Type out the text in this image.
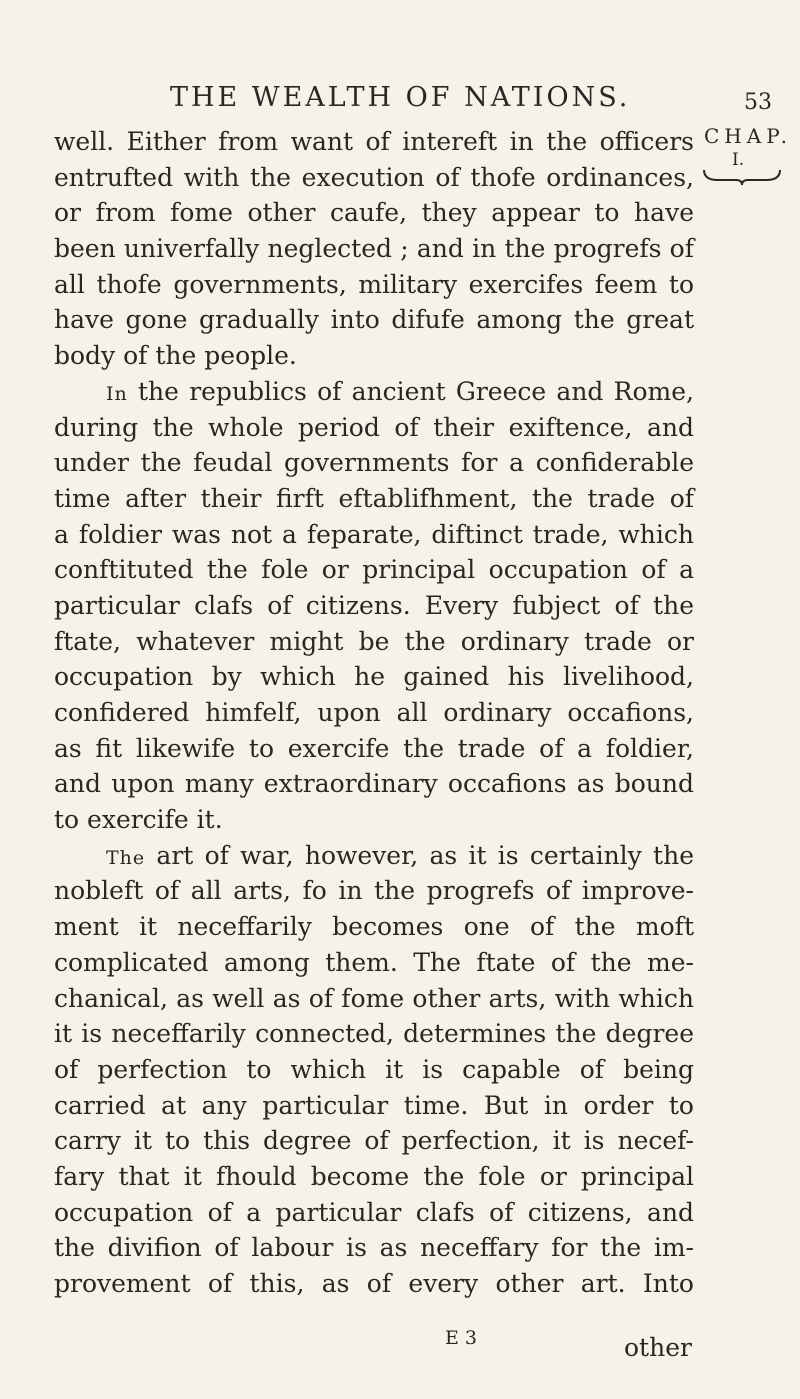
THE WEALTH OF NATIONS.	53
CHAP.
I.
well. Either from want of intereft in the officers
entrufted with the execution of thofe ordinances,
or from fome other caufe, they appear to have
been univerfally neglected ; and in the progrefs of
all thofe governments, military exercifes feem to
have gone gradually into difufe among the great
body of the people.
In the republics of ancient Greece and Rome,
during the whole period of their exiftence, and
under the feudal governments for a confiderable
time after their firft eftablifhment, the trade of
a foldier was not a feparate, diftinct trade, which
conftituted the fole or principal occupation of a
particular clafs of citizens. Every fubject of the
ftate, whatever might be the ordinary trade or
occupation by which he gained his livelihood,
confidered himfelf, upon all ordinary occafions,
as fit likewife to exercife the trade of a foldier,
and upon many extraordinary occafions as bound
to exercife it.
The art of war, however, as it is certainly the
nobleft of all arts, fo in the progrefs of improve-
ment it neceffarily becomes one of the moft
complicated among them. The ftate of the me-
chanical, as well as of fome other arts, with which
it is neceffarily connected, determines the degree
of perfection to which it is capable of being
carried at any particular time. But in order to
carry it to this degree of perfection, it is necef-
fary that it fhould become the fole or principal
occupation of a particular clafs of citizens, and
the divifion of labour is as neceffary for the im-
provement of this, as of every other art. Into
E 3	other
